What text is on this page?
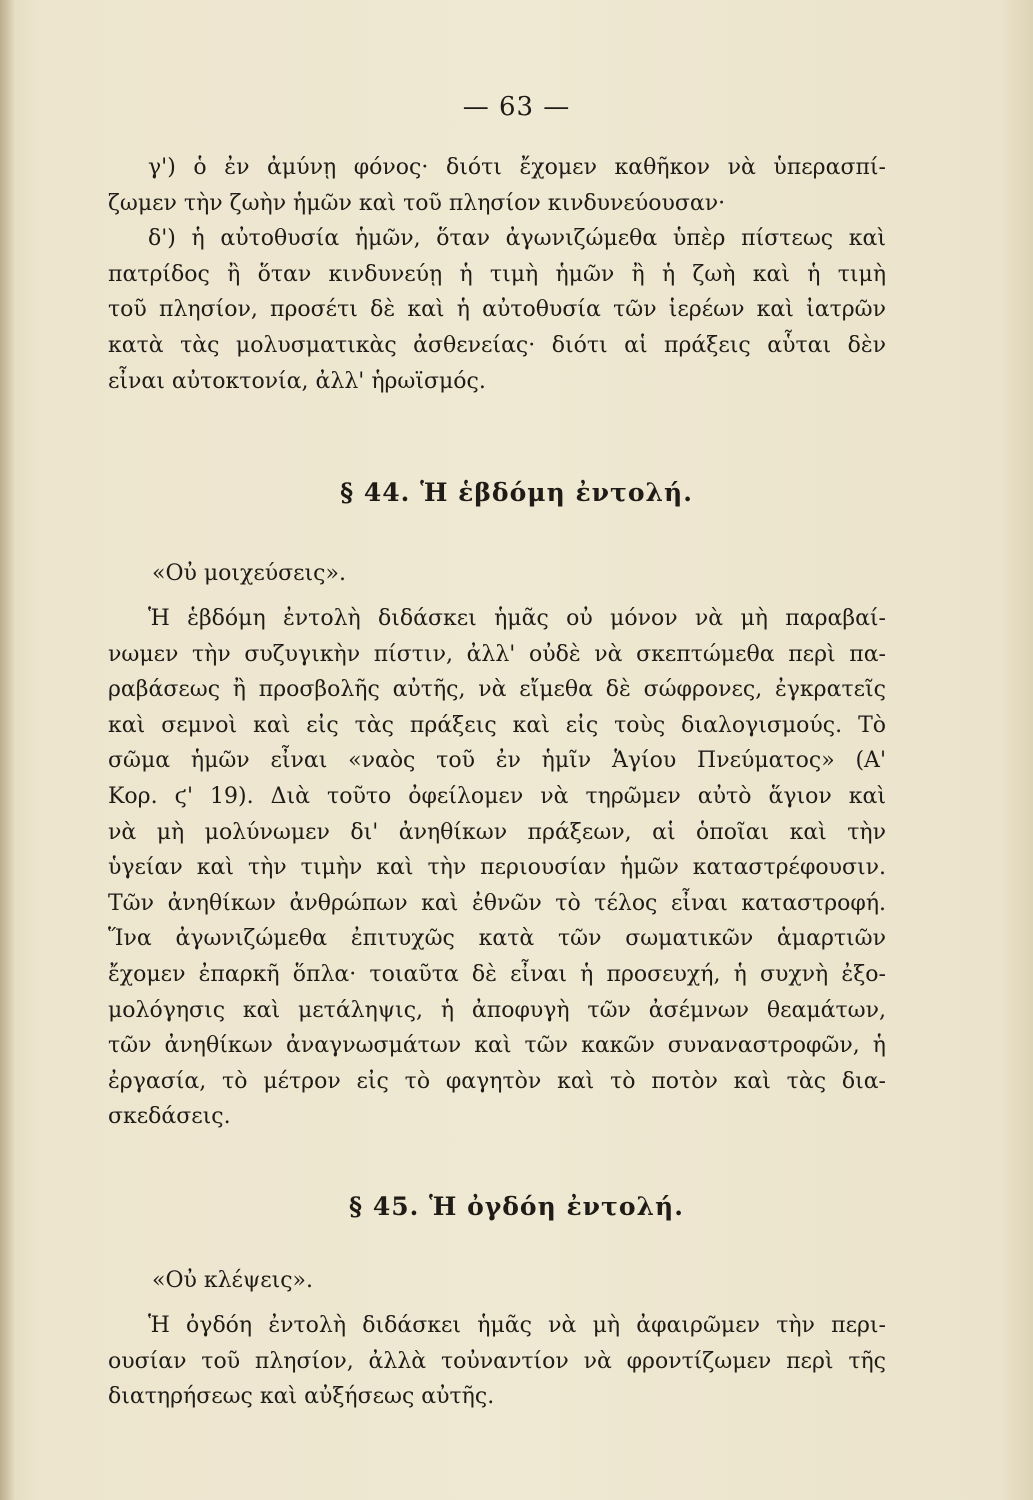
— 63 —
γ') ὁ ἐν ἀμύνῃ φόνος· διότι ἔχομεν καθῆκον νὰ ὑπερασπί-
ζωμεν τὴν ζωὴν ἡμῶν καὶ τοῦ πλησίον κινδυνεύουσαν·
δ') ἡ αὐτοθυσία ἡμῶν, ὅταν ἀγωνιζώμεθα ὑπὲρ πίστεως καὶ
πατρίδος ἢ ὅταν κινδυνεύῃ ἡ τιμὴ ἡμῶν ἢ ἡ ζωὴ καὶ ἡ τιμὴ
τοῦ πλησίον, προσέτι δὲ καὶ ἡ αὐτοθυσία τῶν ἱερέων καὶ ἰατρῶν
κατὰ τὰς μολυσματικὰς ἀσθενείας· διότι αἱ πράξεις αὗται δὲν
εἶναι αὐτοκτονία, ἀλλ' ἡρωϊσμός.
§ 44. Ἡ ἑβδόμη ἐντολή.
«Οὐ μοιχεύσεις».
Ἡ ἑβδόμη ἐντολὴ διδάσκει ἡμᾶς οὐ μόνον νὰ μὴ παραβαί-
νωμεν τὴν συζυγικὴν πίστιν, ἀλλ' οὐδὲ νὰ σκεπτώμεθα περὶ πα-
ραβάσεως ἢ προσβολῆς αὐτῆς, νὰ εἴμεθα δὲ σώφρονες, ἐγκρατεῖς
καὶ σεμνοὶ καὶ εἰς τὰς πράξεις καὶ εἰς τοὺς διαλογισμούς. Τὸ
σῶμα ἡμῶν εἶναι «ναὸς τοῦ ἐν ἡμῖν Ἁγίου Πνεύματος» (Α'
Κορ. ϛ' 19). Διὰ τοῦτο ὀφείλομεν νὰ τηρῶμεν αὐτὸ ἅγιον καὶ
νὰ μὴ μολύνωμεν δι' ἀνηθίκων πράξεων, αἱ ὁποῖαι καὶ τὴν
ὑγείαν καὶ τὴν τιμὴν καὶ τὴν περιουσίαν ἡμῶν καταστρέφουσιν.
Τῶν ἀνηθίκων ἀνθρώπων καὶ ἐθνῶν τὸ τέλος εἶναι καταστροφή.
Ἵνα ἀγωνιζώμεθα ἐπιτυχῶς κατὰ τῶν σωματικῶν ἁμαρτιῶν
ἔχομεν ἐπαρκῆ ὅπλα· τοιαῦτα δὲ εἶναι ἡ προσευχή, ἡ συχνὴ ἐξο-
μολόγησις καὶ μετάληψις, ἡ ἀποφυγὴ τῶν ἀσέμνων θεαμάτων,
τῶν ἀνηθίκων ἀναγνωσμάτων καὶ τῶν κακῶν συναναστροφῶν, ἡ
ἐργασία, τὸ μέτρον εἰς τὸ φαγητὸν καὶ τὸ ποτὸν καὶ τὰς δια-
σκεδάσεις.
§ 45. Ἡ ὀγδόη ἐντολή.
«Οὐ κλέψεις».
Ἡ ὀγδόη ἐντολὴ διδάσκει ἡμᾶς νὰ μὴ ἀφαιρῶμεν τὴν περι-
ουσίαν τοῦ πλησίον, ἀλλὰ τοὐναντίον νὰ φροντίζωμεν περὶ τῆς
διατηρήσεως καὶ αὐξήσεως αὐτῆς.
